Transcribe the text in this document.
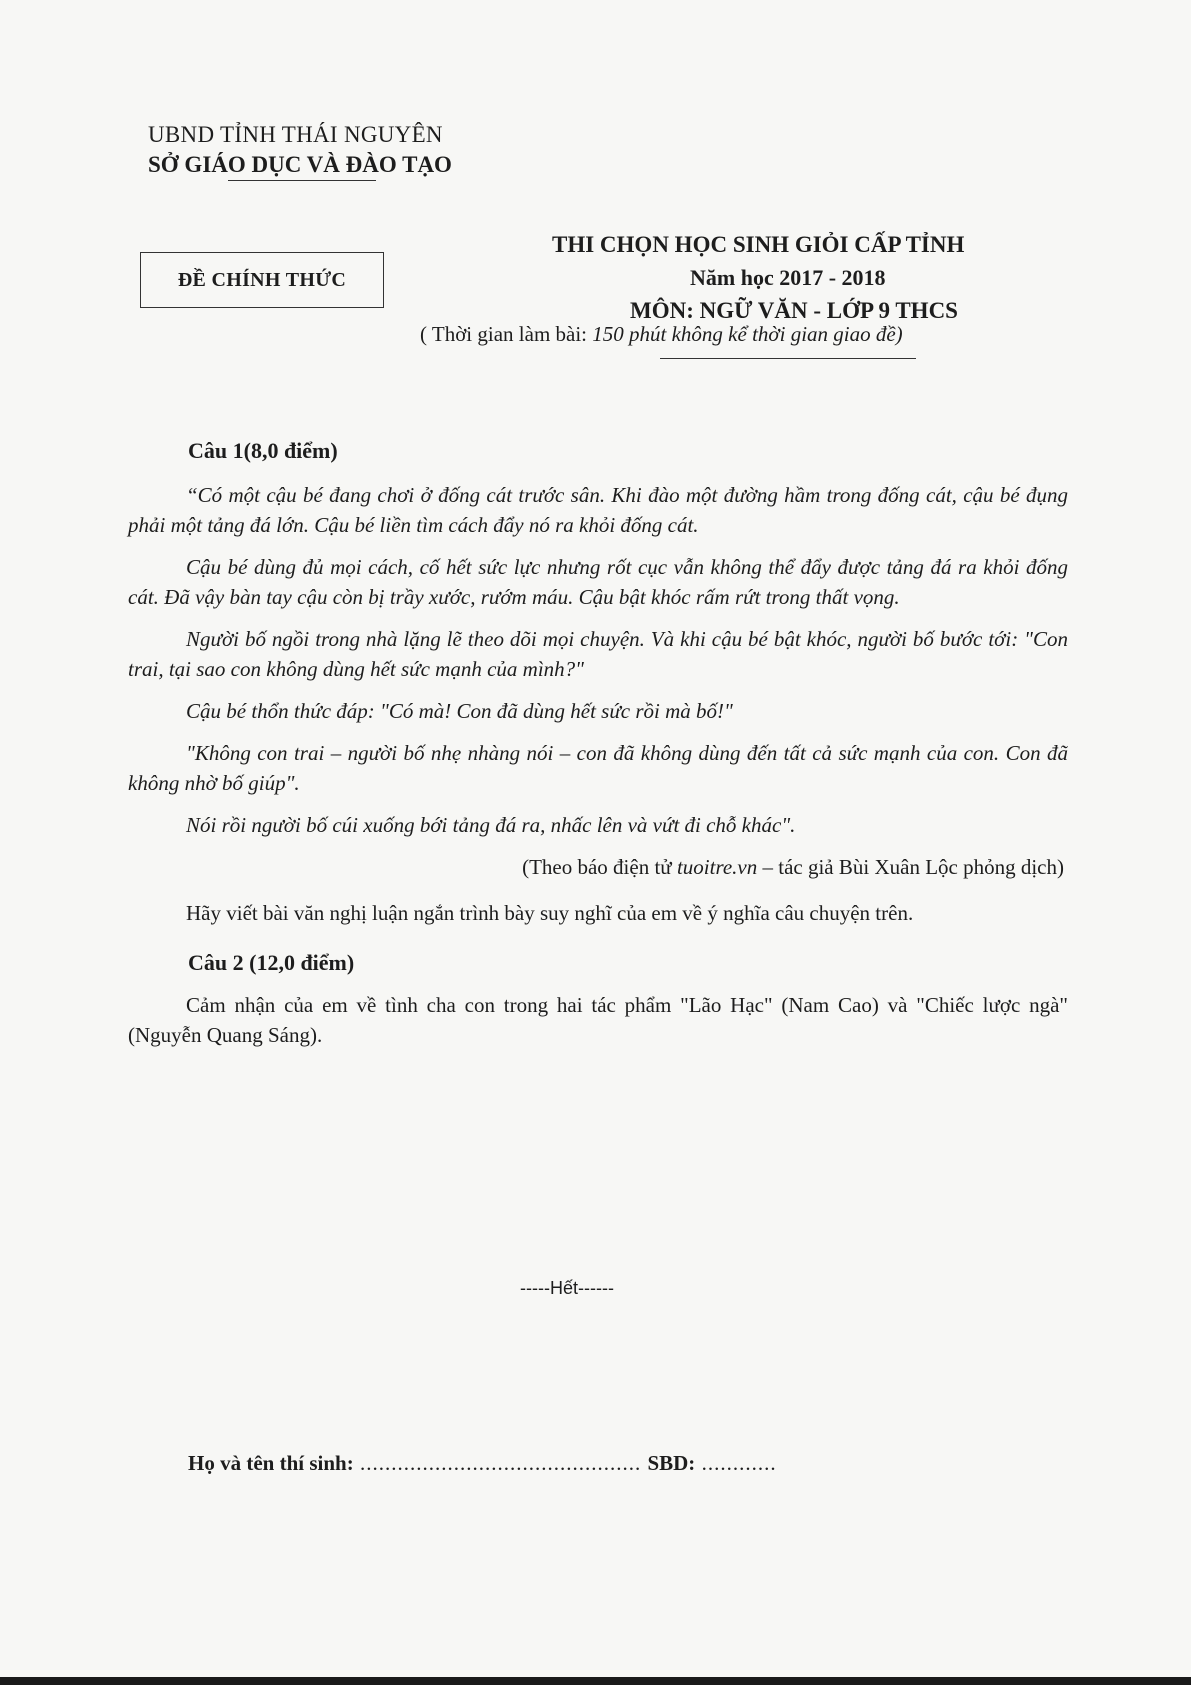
UBND TỈNH THÁI NGUYÊN
SỞ GIÁO DỤC VÀ ĐÀO TẠO
ĐỀ CHÍNH THỨC
THI CHỌN HỌC SINH GIỎI CẤP TỈNH
Năm học 2017 - 2018
MÔN: NGỮ VĂN - LỚP 9 THCS
( Thời gian làm bài: 150 phút không kể thời gian giao đề)
Câu 1(8,0 điểm)

“Có một cậu bé đang chơi ở đống cát trước sân. Khi đào một đường hầm trong đống cát, cậu bé đụng phải một tảng đá lớn. Cậu bé liền tìm cách đẩy nó ra khỏi đống cát.

Cậu bé dùng đủ mọi cách, cố hết sức lực nhưng rốt cục vẫn không thể đẩy được tảng đá ra khỏi đống cát. Đã vậy bàn tay cậu còn bị trầy xước, rướm máu. Cậu bật khóc rấm rứt trong thất vọng.

Người bố ngồi trong nhà lặng lẽ theo dõi mọi chuyện. Và khi cậu bé bật khóc, người bố bước tới: "Con trai, tại sao con không dùng hết sức mạnh của mình?"

Cậu bé thổn thức đáp: "Có mà! Con đã dùng hết sức rồi mà bố!"

"Không con trai – người bố nhẹ nhàng nói – con đã không dùng đến tất cả sức mạnh của con. Con đã không nhờ bố giúp".

Nói rồi người bố cúi xuống bới tảng đá ra, nhấc lên và vứt đi chỗ khác".

(Theo báo điện tử tuoitre.vn – tác giả Bùi Xuân Lộc phỏng dịch)

Hãy viết bài văn nghị luận ngắn trình bày suy nghĩ của em về ý nghĩa câu chuyện trên.

Câu 2 (12,0 điểm)

Cảm nhận của em về tình cha con trong hai tác phẩm "Lão Hạc" (Nam Cao) và "Chiếc lược ngà" (Nguyễn Quang Sáng).

-----Hết------
Họ và tên thí sinh: ............................................. SBD: ............
